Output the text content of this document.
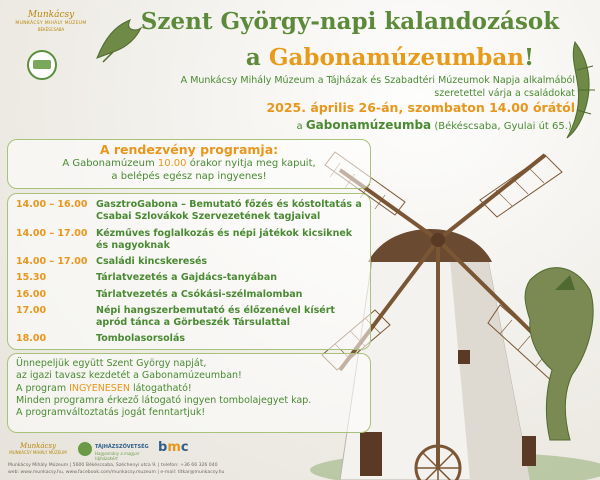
Munkácsy
MUNKÁCSY MIHÁLY MÚZEUM
BÉKÉSCSABA	Szent György-napi kalandozások
a Gabonamúzeumban!
A Munkácsy Mihály Múzeum a Tájházak és Szabadtéri Múzeumok Napja alkalmából
szeretettel várja a családokat
2025. április 26-án, szombaton 14.00 órától
a Gabonamúzeumba (Békéscsaba, Gyulai út 65.).
A rendezvény programja:
A Gabonamúzeum 10.00 órakor nyitja meg kapuit,
a belépés egész nap ingyenes!
14.00 – 16.00 GasztroGabona – Bemutató főzés és kóstoltatás a Csabai Szlovákok Szervezetének tagjaival
14.00 – 17.00 Kézműves foglalkozás és népi játékok kicsiknek és nagyoknak
14.00 – 17.00 Családi kincskeresés
15.30	Tárlatvezetés a Gajdács-tanyában
16.00	Tárlatvezetés a Csókási-szélmalomban
17.00	Népi hangszerbemutató és élőzenével kísért apród tánca a Görbeszék Társulattal
18.00	Tombolasorsolás
Ünnepeljük együtt Szent György napját,
az igazi tavasz kezdetét a Gabonamúzeumban!
A program INGYENESEN látogatható!
Minden programra érkező látogató ingyen tombolajegyet kap.
A programváltoztatás jogát fenntartjuk!
Munkácsy
MUNKÁCSY MIHÁLY MÚZEUM
TÁJHÁZSZÖVETSÉG
Hagyomány a magyar tájházakért
bmc
Munkácsy Mihály Múzeum | 5600 Békéscsaba, Széchenyi utca 9. | telefon: +36 66 326 040
web: www.munkacsy.hu, www.facebook.com/munkacsy.muzeum | e-mail: titkar@munkacsy.hu
